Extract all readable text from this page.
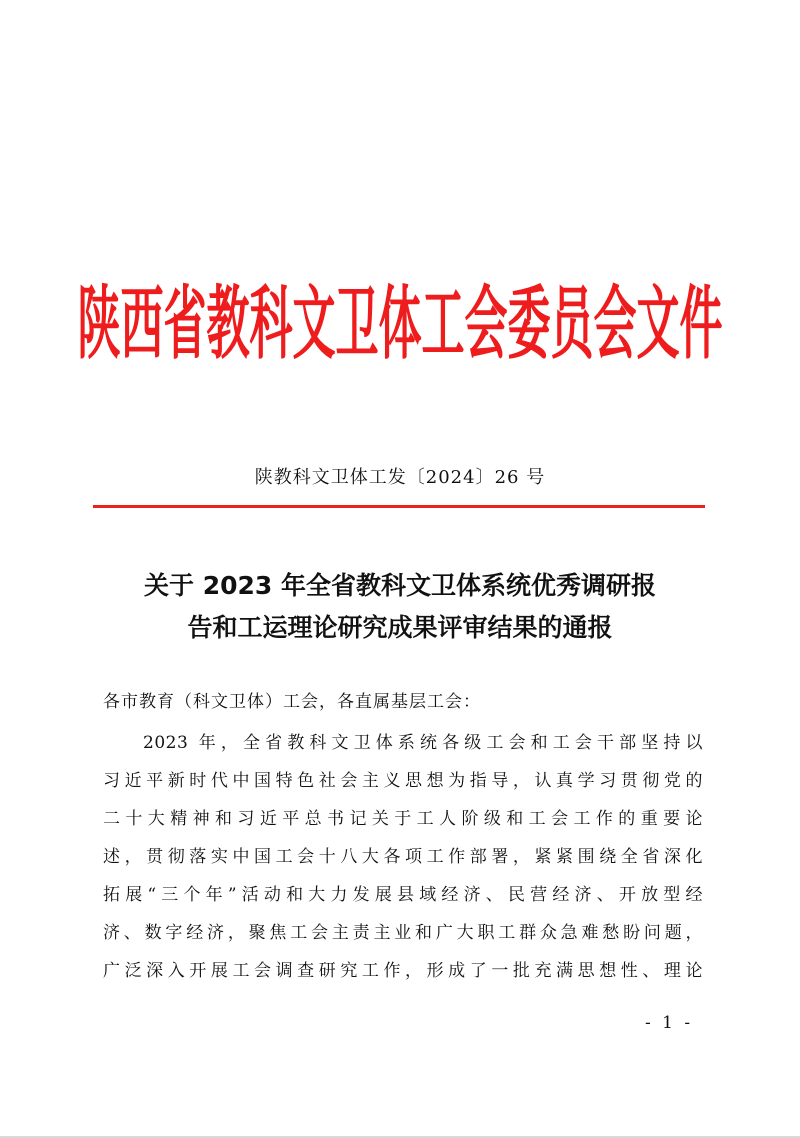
陕西省教科文卫体工会委员会文件
陕教科文卫体工发〔2024〕26 号
关于 2023 年全省教科文卫体系统优秀调研报
告和工运理论研究成果评审结果的通报
各市教育（科文卫体）工会，各直属基层工会：
2023 年，全省教科文卫体系统各级工会和工会干部坚持以
习近平新时代中国特色社会主义思想为指导，认真学习贯彻党的
二十大精神和习近平总书记关于工人阶级和工会工作的重要论
述，贯彻落实中国工会十八大各项工作部署，紧紧围绕全省深化
拓展“三个年”活动和大力发展县域经济、民营经济、开放型经
济、数字经济，聚焦工会主责主业和广大职工群众急难愁盼问题，
广泛深入开展工会调查研究工作，形成了一批充满思想性、理论
- 1 -
